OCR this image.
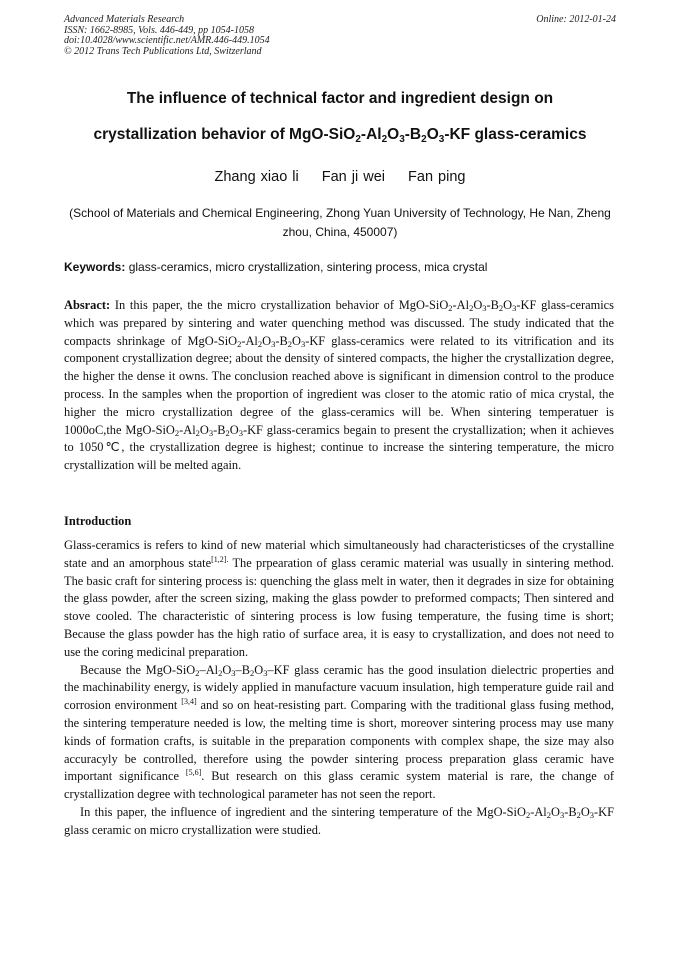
Advanced Materials Research
ISSN: 1662-8985, Vols. 446-449, pp 1054-1058
doi:10.4028/www.scientific.net/AMR.446-449.1054
© 2012 Trans Tech Publications Ltd, Switzerland
Online: 2012-01-24
The influence of technical factor and ingredient design on
crystallization behavior of MgO-$SiO_2-Al_2O_3-B_2O_3-KF$ glass-ceramics
Zhang xiao li Fan ji wei Fan ping
(School of Materials and Chemical Engineering, Zhong Yuan University of Technology, He Nan, Zheng zhou, China, 450007)
Keywords: glass-ceramics, micro crystallization, sintering process, mica crystal
Absract: In this paper, the the micro crystallization behavior of MgO-$SiO_2-Al_2O_3-B_2O_3-KF$ glass-ceramics which was prepared by sintering and water quenching method was discussed. The study indicated that the compacts shrinkage of MgO-$SiO_2-Al_2O_3-B_2O_3-KF$ glass-ceramics were related to its vitrification and its component crystallization degree; about the density of sintered compacts, the higher the crystallization degree, the higher the dense it owns. The conclusion reached above is significant in dimension control to the produce process. In the samples when the proportion of ingredient was closer to the atomic ratio of mica crystal, the higher the micro crystallization degree of the glass-ceramics will be. When sintering temperatuer is 1000oC,the MgO-$SiO_2-Al_2O_3-B_2O_3-KF$ glass-ceramics begain to present the crystallization; when it achieves to 1050℃, the crystallization degree is highest; continue to increase the sintering temperature, the micro crystallization will be melted again.
Introduction

Glass-ceramics is refers to kind of new material which simultaneously had characteristicses of the crystalline state and an amorphous state$^{[1,2].}$ The prpearation of glass ceramic material was usually in sintering method. The basic craft for sintering process is: quenching the glass melt in water, then it degrades in size for obtaining the glass powder, after the screen sizing, making the glass powder to preformed compacts; Then sintered and stove cooled. The characteristic of sintering process is low fusing temperature, the fusing time is short; Because the glass powder has the high ratio of surface area, it is easy to crystallization, and does not need to use the coring medicinal preparation.

Because the MgO-$SiO_2-Al_2O_3-B_2O_3-KF$ glass ceramic has the good insulation dielectric properties and the machinability energy, is widely applied in manufacture vacuum insulation, high temperature guide rail and corrosion environment [3,4] and so on heat-resisting part. Comparing with the traditional glass fusing method, the sintering temperature needed is low, the melting time is short, moreover sintering process may use many kinds of formation crafts, is suitable in the preparation components with complex shape, the size may also accuracyly be controlled, therefore using the powder sintering process preparation glass ceramic have important significance [5,6]. But research on this glass ceramic system material is rare, the change of crystallization degree with technological parameter has not seen the report.

In this paper, the influence of ingredient and the sintering temperature of the MgO-$SiO_2-Al_2O_3-B_2O_3-KF$ glass ceramic on micro crystallization were studied.
